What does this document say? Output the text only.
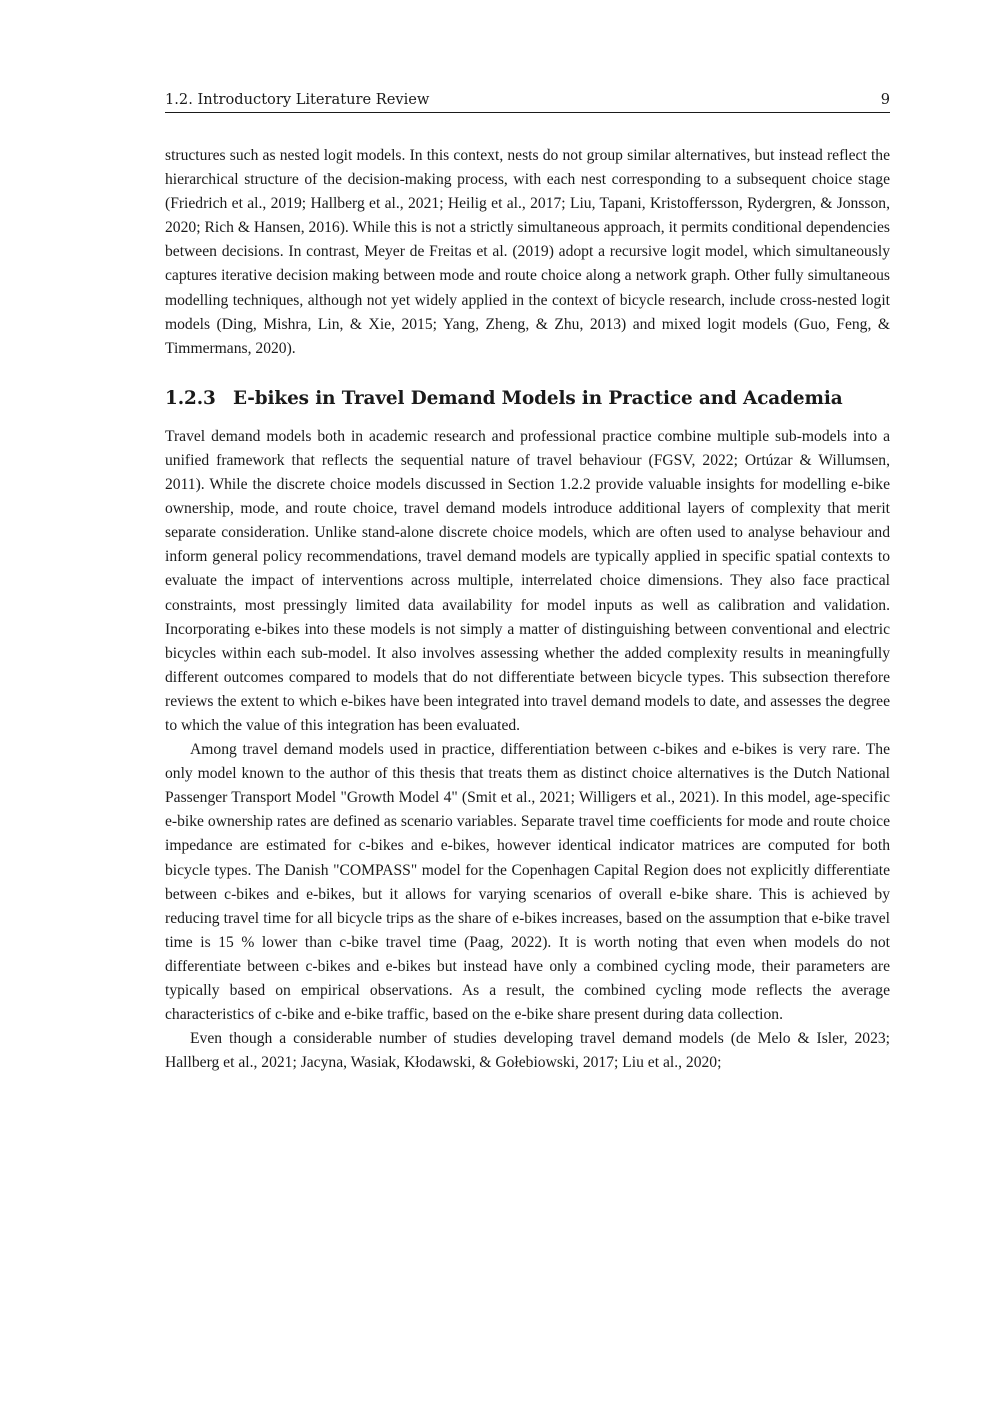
1.2. Introductory Literature Review	9

structures such as nested logit models. In this context, nests do not group similar alternatives, but instead reflect the hierarchical structure of the decision-making process, with each nest corresponding to a subsequent choice stage (Friedrich et al., 2019; Hallberg et al., 2021; Heilig et al., 2017; Liu, Tapani, Kristoffersson, Rydergren, & Jonsson, 2020; Rich & Hansen, 2016). While this is not a strictly simultaneous approach, it permits conditional dependencies between decisions. In contrast, Meyer de Freitas et al. (2019) adopt a recursive logit model, which simultaneously captures iterative decision making between mode and route choice along a network graph. Other fully simultaneous modelling techniques, although not yet widely applied in the context of bicycle research, include cross-nested logit models (Ding, Mishra, Lin, & Xie, 2015; Yang, Zheng, & Zhu, 2013) and mixed logit models (Guo, Feng, & Timmermans, 2020).

1.2.3 E-bikes in Travel Demand Models in Practice and Academia

Travel demand models both in academic research and professional practice combine multiple sub-models into a unified framework that reflects the sequential nature of travel behaviour (FGSV, 2022; Ortúzar & Willumsen, 2011). While the discrete choice models discussed in Section 1.2.2 provide valuable insights for modelling e-bike ownership, mode, and route choice, travel demand models introduce additional layers of complexity that merit separate consideration. Unlike stand-alone discrete choice models, which are often used to analyse behaviour and inform general policy recommendations, travel demand models are typically applied in specific spatial contexts to evaluate the impact of interventions across multiple, interrelated choice dimensions. They also face practical constraints, most pressingly limited data availability for model inputs as well as calibration and validation. Incorporating e-bikes into these models is not simply a matter of distinguishing between conventional and electric bicycles within each sub-model. It also involves assessing whether the added complexity results in meaningfully different outcomes compared to models that do not differentiate between bicycle types. This subsection therefore reviews the extent to which e-bikes have been integrated into travel demand models to date, and assesses the degree to which the value of this integration has been evaluated.

Among travel demand models used in practice, differentiation between c-bikes and e-bikes is very rare. The only model known to the author of this thesis that treats them as distinct choice alternatives is the Dutch National Passenger Transport Model "Growth Model 4" (Smit et al., 2021; Willigers et al., 2021). In this model, age-specific e-bike ownership rates are defined as scenario variables. Separate travel time coefficients for mode and route choice impedance are estimated for c-bikes and e-bikes, however identical indicator matrices are computed for both bicycle types. The Danish "COMPASS" model for the Copenhagen Capital Region does not explicitly differentiate between c-bikes and e-bikes, but it allows for varying scenarios of overall e-bike share. This is achieved by reducing travel time for all bicycle trips as the share of e-bikes increases, based on the assumption that e-bike travel time is 15 % lower than c-bike travel time (Paag, 2022). It is worth noting that even when models do not differentiate between c-bikes and e-bikes but instead have only a combined cycling mode, their parameters are typically based on empirical observations. As a result, the combined cycling mode reflects the average characteristics of c-bike and e-bike traffic, based on the e-bike share present during data collection.

Even though a considerable number of studies developing travel demand models (de Melo & Isler, 2023; Hallberg et al., 2021; Jacyna, Wasiak, Kłodawski, & Gołebiowski, 2017; Liu et al., 2020;
